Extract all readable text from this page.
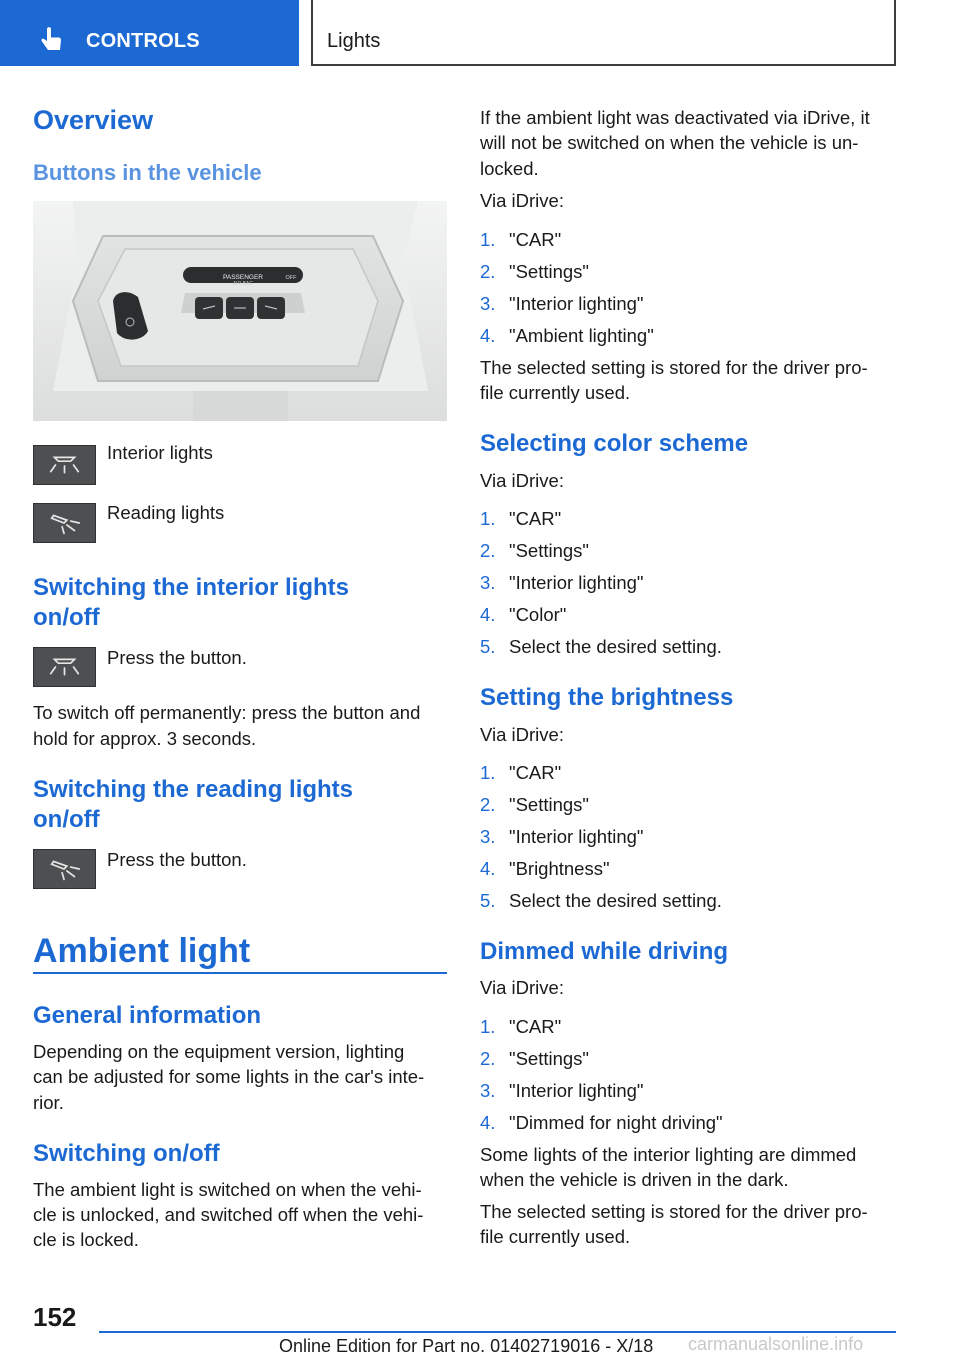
CONTROLS	Lights
Overview
Buttons in the vehicle
PASSENGER
AIR BAG
OFF
Interior lights
Reading lights
Switching the interior lights
on/off
Press the button.
To switch off permanently: press the button and
hold for approx. 3 seconds.
Switching the reading lights
on/off
Press the button.
Ambient light
General information
Depending on the equipment version, lighting
can be adjusted for some lights in the car's inte‐
rior.
Switching on/off
The ambient light is switched on when the vehi‐
cle is unlocked, and switched off when the vehi‐
cle is locked.
If the ambient light was deactivated via iDrive, it
will not be switched on when the vehicle is un‐
locked.
Via iDrive:
1. "CAR"
2. "Settings"
3. "Interior lighting"
4. "Ambient lighting"
The selected setting is stored for the driver pro‐
file currently used.
Selecting color scheme
Via iDrive:
1. "CAR"
2. "Settings"
3. "Interior lighting"
4. "Color"
5. Select the desired setting.
Setting the brightness
Via iDrive:
1. "CAR"
2. "Settings"
3. "Interior lighting"
4. "Brightness"
5. Select the desired setting.
Dimmed while driving
Via iDrive:
1. "CAR"
2. "Settings"
3. "Interior lighting"
4. "Dimmed for night driving"
Some lights of the interior lighting are dimmed
when the vehicle is driven in the dark.
The selected setting is stored for the driver pro‐
file currently used.
152
Online Edition for Part no. 01402719016 - X/18 carmanualsonline.info
